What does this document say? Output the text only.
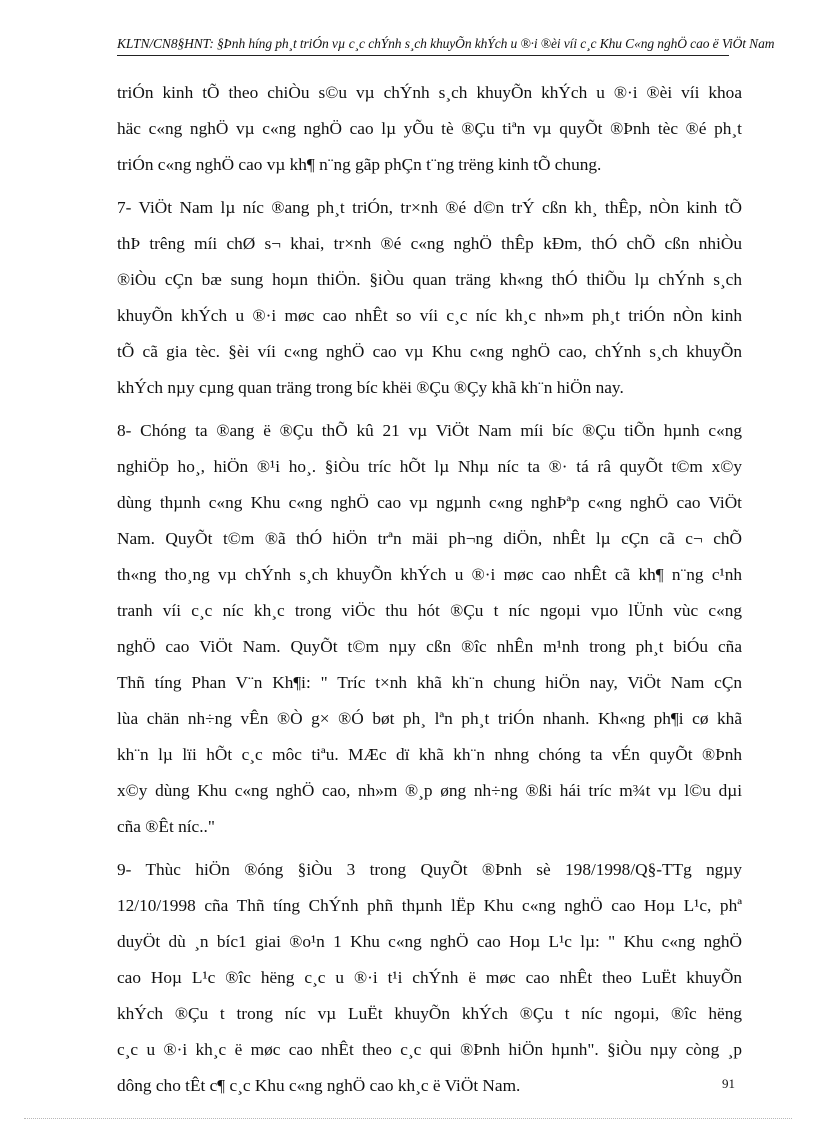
KLTN/CN8§HNT: §Þnh híng ph¸t triÓn vµ c¸c chÝnh s¸ch khuyÕn khÝch u ®·i ®èi víi c¸c Khu C«ng nghÖ cao ë ViÖt Nam
triÓn kinh tÕ theo chiÒu s©u vµ chÝnh s¸ch khuyÕn khÝch u ®·i ®èi víi khoa
häc c«ng nghÖ vµ c«ng nghÖ cao lµ yÕu tè ®Çu tiªn vµ quyÕt ®Þnh tèc ®é ph¸t
triÓn c«ng nghÖ cao vµ kh¶ n¨ng gãp phÇn t¨ng trëng kinh tÕ chung.
7- ViÖt Nam lµ níc ®ang ph¸t triÓn, tr×nh ®é d©n trÝ cßn kh¸ thÊp, nÒn kinh tÕ
thÞ trêng míi chØ s¬ khai, tr×nh ®é c«ng nghÖ thÊp kÐm, thÓ chÕ cßn nhiÒu
®iÒu cÇn bæ sung hoµn thiÖn. §iÒu quan träng kh«ng thÓ thiÕu lµ chÝnh s¸ch
khuyÕn khÝch u ®·i møc cao nhÊt so víi c¸c níc kh¸c nh»m ph¸t triÓn nÒn kinh
tÕ cã gia tèc. §èi víi c«ng nghÖ cao vµ Khu c«ng nghÖ cao, chÝnh s¸ch khuyÕn
khÝch nµy cµng quan träng trong bíc khëi ®Çu ®Çy khã kh¨n hiÖn nay.
8- Chóng ta ®ang ë ®Çu thÕ kû 21 vµ ViÖt Nam míi bíc ®Çu tiÕn hµnh c«ng
nghiÖp ho¸, hiÖn ®¹i ho¸. §iÒu tríc hÕt lµ Nhµ níc ta ®· tá râ quyÕt t©m x©y
dùng thµnh c«ng Khu c«ng nghÖ cao vµ ngµnh c«ng nghÞªp c«ng nghÖ cao ViÖt
Nam. QuyÕt t©m ®ã thÓ hiÖn trªn mäi ph¬ng diÖn, nhÊt lµ cÇn cã c¬ chÕ
th«ng tho¸ng vµ chÝnh s¸ch khuyÕn khÝch u ®·i møc cao nhÊt cã kh¶ n¨ng c¹nh
tranh víi c¸c níc kh¸c trong viÖc thu hót ®Çu t níc ngoµi vµo lÜnh vùc c«ng
nghÖ cao ViÖt Nam. QuyÕt t©m nµy cßn ®îc nhÊn m¹nh trong ph¸t biÓu cña
Thñ tíng Phan V¨n Kh¶i: " Tríc t×nh khã kh¨n chung hiÖn nay, ViÖt Nam cÇn
lùa chän nh÷ng vÊn ®Ò g× ®Ó bøt ph¸ lªn ph¸t triÓn nhanh. Kh«ng ph¶i cø khã
kh¨n lµ lïi hÕt c¸c môc tiªu. MÆc dï khã kh¨n nhng chóng ta vÉn quyÕt ®Þnh
x©y dùng Khu c«ng nghÖ cao, nh»m ®¸p øng nh÷ng ®ßi hái tríc m¾t vµ l©u dµi
cña ®Êt níc.."
9- Thùc hiÖn ®óng §iÒu 3 trong QuyÕt ®Þnh sè 198/1998/Q§-TTg ngµy
12/10/1998 cña Thñ tíng ChÝnh phñ thµnh lËp Khu c«ng nghÖ cao Hoµ L¹c, phª
duyÖt dù ¸n bíc1 giai ®o¹n 1 Khu c«ng nghÖ cao Hoµ L¹c lµ: " Khu c«ng nghÖ
cao Hoµ L¹c ®îc hëng c¸c u ®·i t¹i chÝnh ë møc cao nhÊt theo LuËt khuyÕn
khÝch ®Çu t trong níc vµ LuËt khuyÕn khÝch ®Çu t níc ngoµi, ®îc hëng
c¸c u ®·i kh¸c ë møc cao nhÊt theo c¸c qui ®Þnh hiÖn hµnh". §iÒu nµy còng ¸p
dông cho tÊt c¶ c¸c Khu c«ng nghÖ cao kh¸c ë ViÖt Nam.	91
